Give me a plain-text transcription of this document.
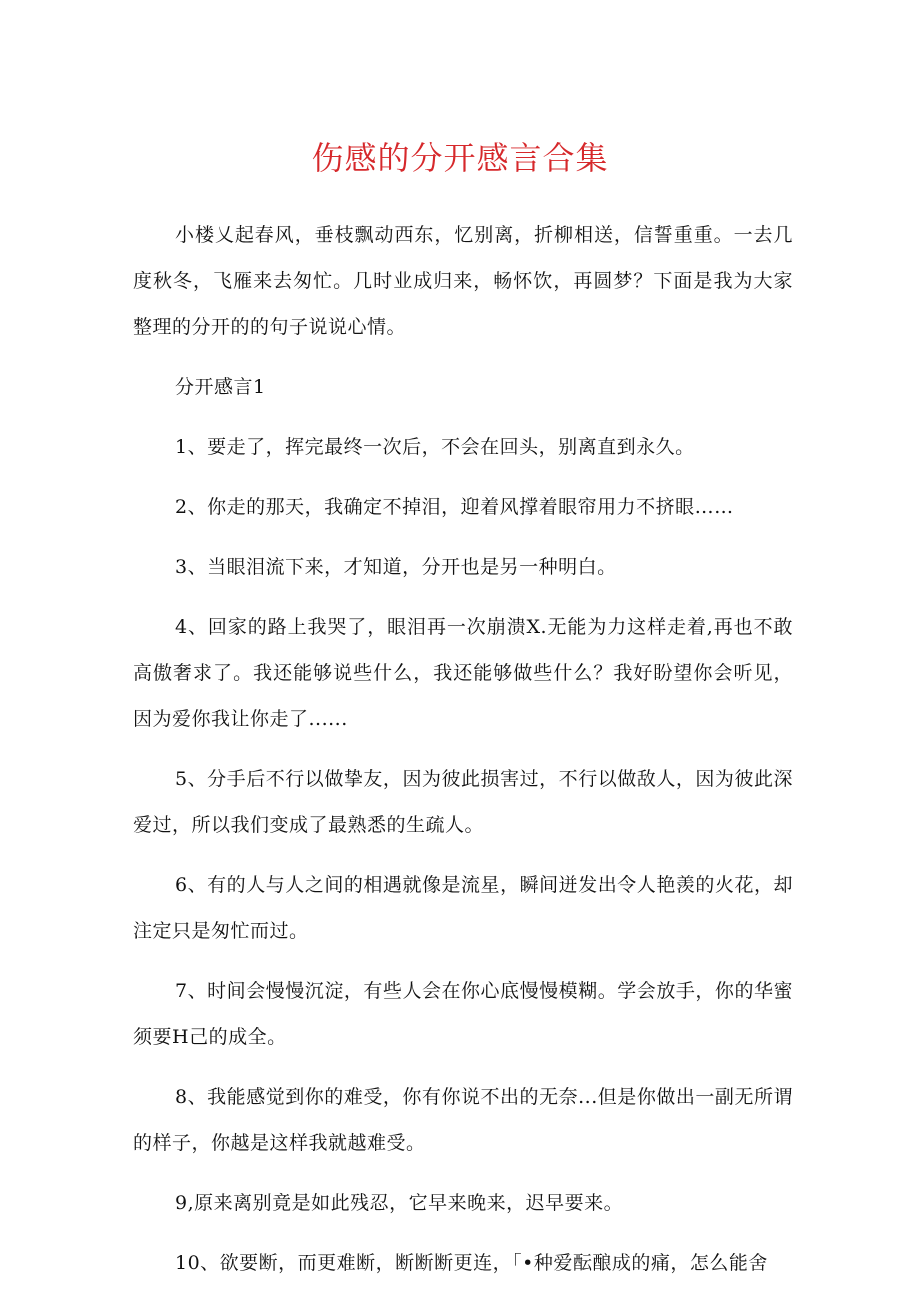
伤感的分开感言合集

小楼乂起春风，垂枝飘动西东，忆别离，折柳相送，信誓重重。一去几度秋冬，飞雁来去匆忙。几时业成归来，畅怀饮，再圆梦？下面是我为大家整理的分开的的句子说说心情。

分开感言1

1、要走了，挥完最终一次后，不会在回头，别离直到永久。

2、你走的那天，我确定不掉泪，迎着风撑着眼帘用力不挤眼……

3、当眼泪流下来，才知道，分开也是另一种明白。

4、回家的路上我哭了，眼泪再一次崩溃X.无能为力这样走着,再也不敢高傲奢求了。我还能够说些什么，我还能够做些什么？我好盼望你会听见，因为爱你我让你走了......

5、分手后不行以做挚友，因为彼此损害过，不行以做敌人，因为彼此深爱过，所以我们变成了最熟悉的生疏人。

6、有的人与人之间的相遇就像是流星，瞬间迸发出令人艳羡的火花，却注定只是匆忙而过。

7、时间会慢慢沉淀，有些人会在你心底慢慢模糊。学会放手，你的华蜜须要H己的成全。

8、我能感觉到你的难受，你有你说不出的无奈...但是你做出一副无所谓的样子，你越是这样我就越难受。

9,原来离别竟是如此残忍，它早来晚来，迟早要来。

10、欲要断，而更难断，断断断更连，「•种爱酝酿成的痛，怎么能舍
